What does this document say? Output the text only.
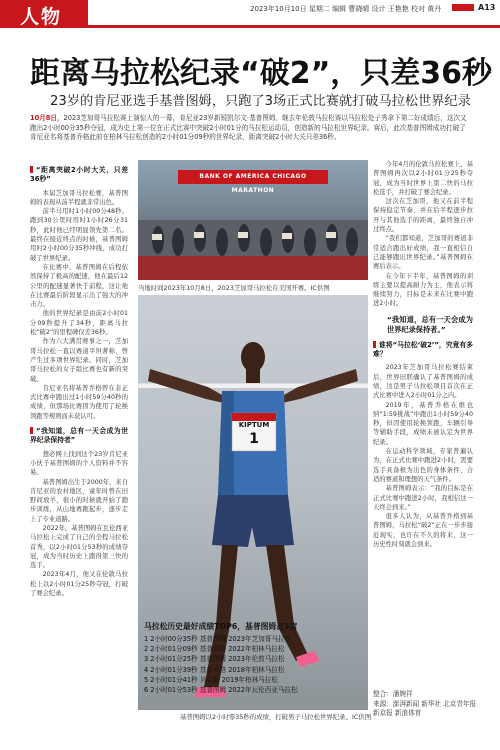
人物	2023年10月10日 星期二 编辑 曹晓晴 设计 王艳艳 校对 黄丹	A13
距离马拉松纪录“破2”，只差36秒
23岁的肯尼亚选手基普图姆，只跑了3场正式比赛就打破马拉松世界纪录
10月8日，2023芝加哥马拉松赛上演惊人的一幕，肯尼亚23岁新锐凯尔文·基普图姆，继去年伦敦马拉松赛以马拉松处子秀拿下第二好成绩后，这次又跑出2小时00分35秒夺冠，成为史上第一位在正式比赛中突破2小时01分的马拉松运动员，创造新的马拉松世界纪录。赛后，此次基普图姆成功打破了肯尼亚名将基普乔格此前在柏林马拉松创造的2小时01分09秒的世界纪录，距离突破2小时大关只差36秒。

“距离突破2小时大关，只差36秒”

本届芝加哥马拉松赛，基普图姆的表现从前半程就非常出色。

前半马用时1小时00分48秒。跑到30公里时用时1小时26分31秒，此时他已经明显领先第二名。最终在接近终点的时候，基普图姆用时2小时00分35秒冲线，成功打破了世界纪录。

在比赛中，基普图姆在后程依然保持了极高的配速，他在最后12公里的配速显著快于前程，这让他在比赛最后阶段显示出了强大的冲击力。

他的世界纪录是由前2小时01分09秒提升了34秒，距离马拉松“破2”的里程碑仅差36秒。

作为六大满贯赛事之一，芝加哥马拉松一直以赛道平坦著称，曾产生过多项世界纪录。同时，芝加哥马拉松的女子组比赛也有新的突破。

肯尼亚名将基普乔格曾在非正式比赛中跑出过1小时59分40秒的成绩，但那场比赛因为使用了轮换领跑等规则而未获认可。

“我知道，总有一天会成为世界纪录保持者”

想必网上找到这个23岁肯尼亚小伙子基普图姆的个人资料并不容易。

基普图姆出生于2000年，来自肯尼亚的农村地区，童年时曾在田野间放羊，很小的时候就开始了跑步训练，从山地赛跑起步，逐步走上了专业道路。

2022年，基普图姆在瓦伦西亚马拉松上完成了自己的全程马拉松首秀，以2小时01分53秒的成绩夺冠，成为当时历史上跑得第三快的选手。

2023年4月，他又在伦敦马拉松上以2小时01分25秒夺冠，打破了赛会纪录。

BANK OF AMERICA CHICAGO MARATHON
当地时间2023年10月8日，2023芝加哥马拉松在美国开赛。IC供图
KIPTUM
1
马拉松历史最好成绩TOP6，基普图姆占3席
1 2小时00分35秒 基普图姆 2023年芝加哥马拉松
2 2小时01分09秒 基普乔格 2022年柏林马拉松
3 2小时01分25秒 基普图姆 2023年伦敦马拉松
4 2小时01分39秒 基普乔格 2018年柏林马拉松
5 2小时01分41秒 贝克勒 2019年柏林马拉松
6 2小时01分53秒 基普图姆 2022年瓦伦西亚马拉松
基普图姆以2小时零35秒的成绩，打破男子马拉松世界纪录。IC供图

今年4月的伦敦马拉松赛上，基普图姆再次以2小时01分25秒夺冠，成为当时世界上第二快的马拉松选手，并打破了赛会纪录。

这次在芝加哥，他又在前半程保持稳定节奏，并在后半程逐步拉开与其他选手的距离，最终独自冲过终点。

“我们都知道，芝加哥的赛道非常适合跑出好成绩，我一直相信自己能够跑出世界纪录。”基普图姆在赛后表示。

在今年下半年，基普图姆的训练主要以提高耐力为主，他表示将继续努力，目标是未来在比赛中跑进2小时。

“我知道，总有一天会成为世界纪录保持者。”

谁将“马拉松‘破2’”，究竟有多难？

2023年芝加哥马拉松赛结束后，世界田联确认了基普图姆的成绩，这是男子马拉松项目首次在正式比赛中进入2小时01分之内。

2019年，基普乔格在维也纳“1:59挑战”中跑出1小时59分40秒，但因使用轮换领跑、车辆引导等辅助手段，成绩未被认定为世界纪录。

在运动科学领域，专家普遍认为，在正式比赛中跑进2小时，需要选手具备极为出色的身体条件、合适的赛道和理想的天气条件。

基普图姆表示：“我的目标是在正式比赛中跑进2小时，我相信这一天终会到来。”

很多人认为，从基普乔格到基普图姆，马拉松“破2”正在一步步接近现实，也许在不久的将来，这一历史性时刻就会到来。

整合：潘婉祥
来源：澎湃新闻 新华社 北京青年报 新京报 新浪体育
